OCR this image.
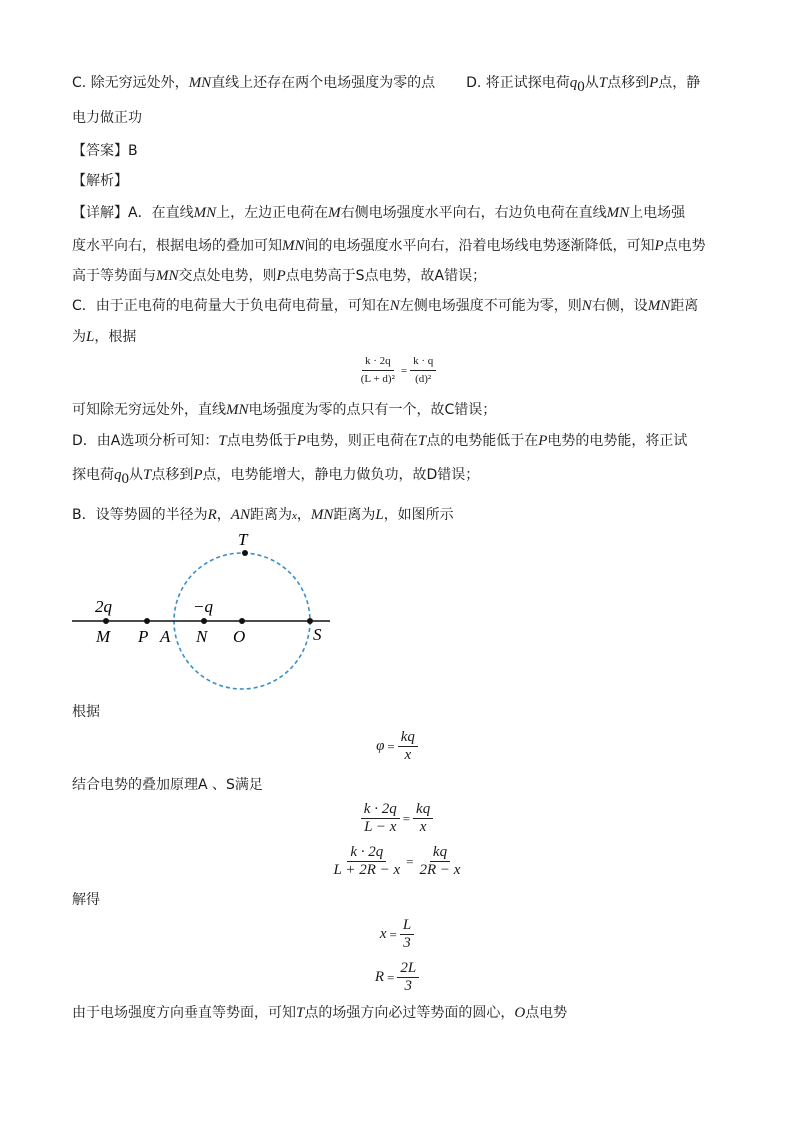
C. 除无穷远处外，MN直线上还存在两个电场强度为零的点 D. 将正试探电荷$q_0$从T点移到P点，静
电力做正功
【答案】B
【解析】
【详解】A．在直线MN上，左边正电荷在M右侧电场强度水平向右，右边负电荷在直线MN上电场强
度水平向右，根据电场的叠加可知MN间的电场强度水平向右，沿着电场线电势逐渐降低，可知P点电势
高于等势面与MN交点处电势，则P点电势高于S点电势，故A错误；
C．由于正电荷的电荷量大于负电荷电荷量，可知在N左侧电场强度不可能为零，则N右侧，设MN距离
为L，根据
$\frac{k \cdot 2q}{\text{(L + d)²}} = \frac{k \cdot q}{\text{(d)²}}$
可知除无穷远处外，直线MN电场强度为零的点只有一个，故C错误；
D．由A选项分析可知：T点电势低于P电势，则正电荷在T点的电势能低于在P电势的电势能，将正试
探电荷$q_0$从T点移到P点，电势能增大，静电力做负功，故D错误；
B．设等势圆的半径为R，AN距离为x，MN距离为L，如图所示
T
2q	−q
M P A N O	S
根据
$\varphi = \frac{kq}{x}$
结合电势的叠加原理A 、S满足
$\frac{k \cdot 2q}{L - x} = \frac{kq}{x}$
$\frac{k \cdot 2q}{L + 2R - x} = \frac{kq}{2R - x}$
解得
$x = \frac{L}{3}$
$R = \frac{2L}{3}$
由于电场强度方向垂直等势面，可知T点的场强方向必过等势面的圆心，O点电势
